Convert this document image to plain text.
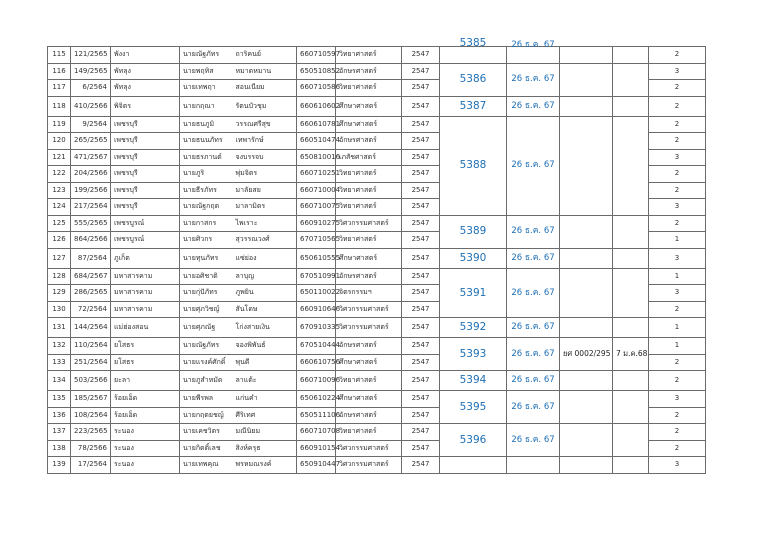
115	121/2565	พังงา	นายณัฐภัทร	ถาริคนย์	660710597	วิทยาศาสตร์	2547	5385	26 ธ.ค. 67			2
116	149/2565	พัทลุง	นายพฤทิส	หมาดหมาน	650510852	อักษรศาสตร์	2547	5386	26 ธ.ค. 67			3
117	6/2564	พัทลุง	นายเทพฤา	สอนเนียม	660710586	วิทยาศาสตร์	2547					2
118	410/2566	พิจิตร	นายกฤณา	รัตนบัวชุม	660610602	ศึกษาศาสตร์	2547	5387	26 ธ.ค. 67			2
119	9/2564	เพชรบุรี	นายธนภูมิ	วรรณศรีสุข	660610781	ศึกษาศาสตร์	2547	5388	26 ธ.ค. 67			2
120	265/2565	เพชรบุรี	นายธนนภัทร	เทพารักษ์	660510474	อักษรศาสตร์	2547					2
121	471/2567	เพชรบุรี	นายธรภานต์	จงบรรจบ	650810016	เภสัชศาสตร์	2547					3
122	204/2566	เพชรบุรี	นายภูริ	พุ่มจิตร	660710251	วิทยาศาสตร์	2547					2
123	199/2566	เพชรบุรี	นายธีรภัทร	มาลัยสย	660710004	วิทยาศาสตร์	2547					2
124	217/2564	เพชรบุรี	นายณัฐกฤต	มาลามิตร	660710075	วิทยาศาสตร์	2547					3
125	555/2565	เพชรบูรณ์	นายกาสกร	ไพเราะ	660910275	วิศวกรรมศาสตร์	2547	5389	26 ธ.ค. 67			2
126	864/2566	เพชรบูรณ์	นายศิวกร	สุวรรณวงศ์	670710565	วิทยาศาสตร์	2547					1
127	87/2564	ภูเก็ต	นายทุนภัทร	แซ่ย่อง	650610555	ศึกษาศาสตร์	2547	5390	26 ธ.ค. 67			3
128	684/2567	มหาสารคาม	นายอศิชาติ	ลาบุญ	670510991	อักษรศาสตร์	2547	5391	26 ธ.ค. 67			1
129	286/2565	มหาสารคาม	นายกุ่ปัภัทร	ภูพยิน	650110022	จิตรกรรมฯ	2547					3
130	72/2564	มหาสารคาม	นายศุภวิชญ์	สันโดษ	660910646	วิศวกรรมศาสตร์	2547					2
131	144/2564	แม่ฮ่องสอน	นายศุภณัฐ	โก่งสายเงิน	670910335	วิศวกรรมศาสตร์	2547	5392	26 ธ.ค. 67			1
132	110/2564	ยโสธร	นายณัฐภัทร	จองพิพันธ์	670510444	อักษรศาสตร์	2547	5393	26 ธ.ค. 67	ยศ 0002/295	7 ม.ค.68	1
133	251/2564	ยโสธร	นายแรงค์ศักดิ์	พุนดี	660610756	ศึกษาศาสตร์	2547					2
134	503/2566	ยะลา	นายภูสำหมัด	ลาแต้ะ	660710096	วิทยาศาสตร์	2547	5394	26 ธ.ค. 67			2
135	185/2567	ร้อยเอ็ด	นายพีรพล	แก่นคำ	650610224	ศึกษาศาสตร์	2547	5395	26 ธ.ค. 67			3
136	108/2564	ร้อยเอ็ด	นายกฤตยชญ์	ศีริเทศ	650511106	อักษรศาสตร์	2547					2
137	223/2565	ระนอง	นายเคชวิตร	มณีนิยม	660710708	วิทยาศาสตร์	2547	5396	26 ธ.ค. 67			2
138	78/2566	ระนอง	นายกิตติ์เลช	สิงห์ครุธ	660910154	วิศวกรรมศาสตร์	2547					2
139	17/2564	ระนอง	นายเทพคุณ	พรหมณรงค์	650910447	วิศวกรรมศาสตร์	2547					3
